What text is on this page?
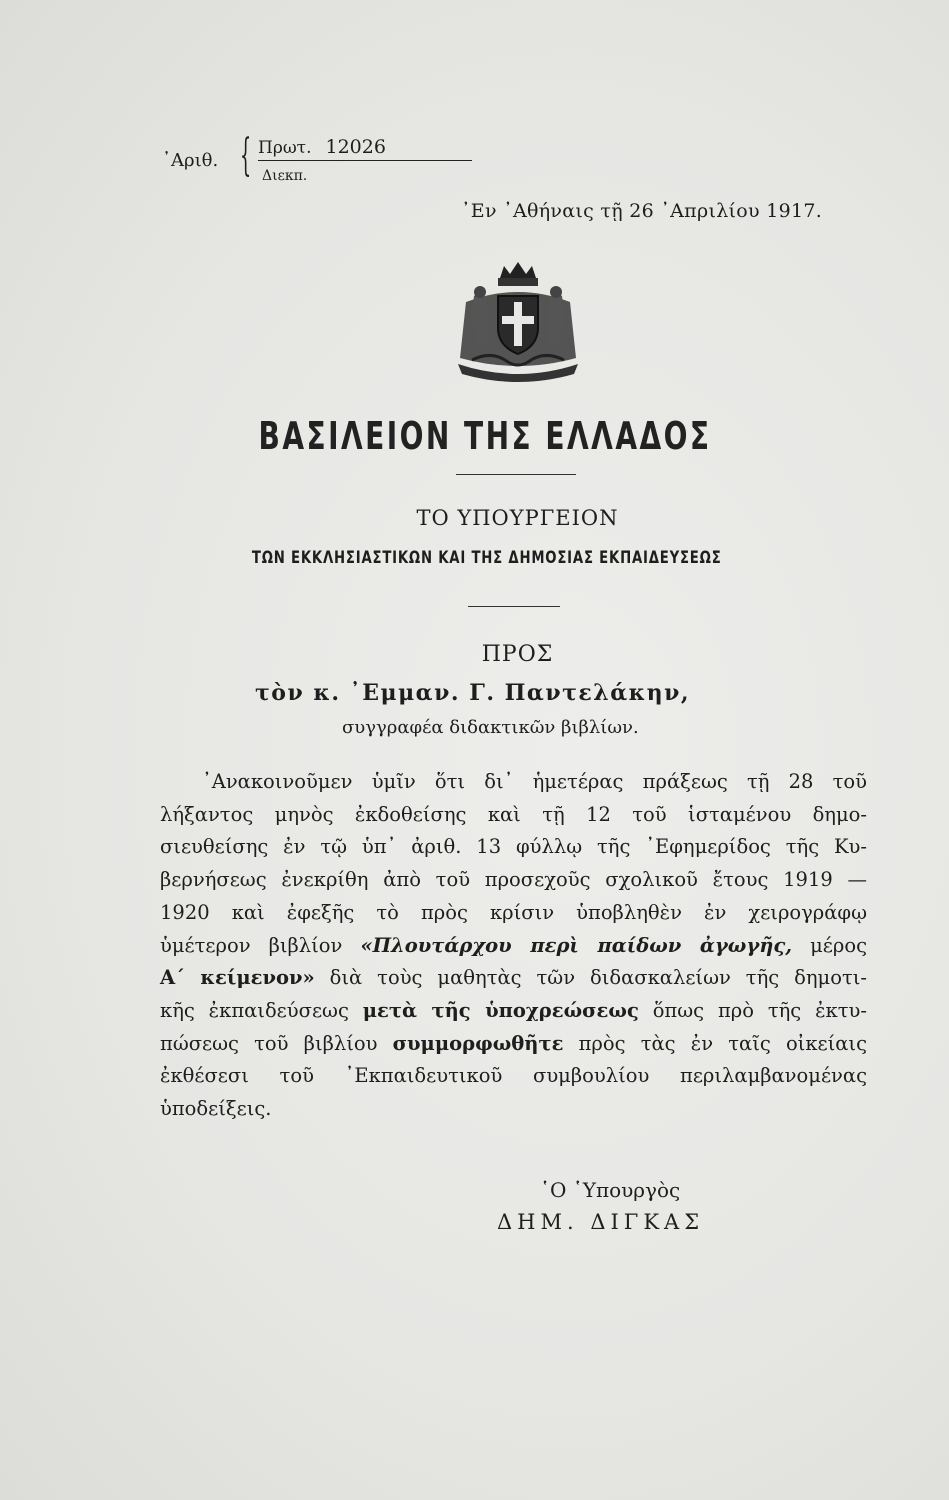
᾿Αριθ. { Πρωτ. 12026
Διεκπ.
᾿Εν ᾿Αθήναις τῇ 26 ᾿Απριλίου 1917.
ΒΑΣΙΛΕΙΟΝ ΤΗΣ ΕΛΛΑΔΟΣ
ΤΟ ΥΠΟΥΡΓΕΙΟΝ
ΤΩΝ ΕΚΚΛΗΣΙΑΣΤΙΚΩΝ ΚΑΙ ΤΗΣ ΔΗΜΟΣΙΑΣ ΕΚΠΑΙΔΕΥΣΕΩΣ
ΠΡΟΣ
τὸν κ. ᾿Εμμαν. Γ. Παντελάκην,
συγγραφέα διδακτικῶν βιβλίων.
᾿Ανακοινοῦμεν ὑμῖν ὅτι δι᾿ ἡμετέρας πράξεως τῇ 28 τοῦ
λήξαντος μηνὸς ἐκδοθείσης καὶ τῇ 12 τοῦ ἱσταμένου δημο-
σιευθείσης ἐν τῷ ὑπ᾿ ἀριθ. 13 φύλλῳ τῆς ᾿Εφημερίδος τῆς Κυ-
βερνήσεως ἐνεκρίθη ἀπὸ τοῦ προσεχοῦς σχολικοῦ ἔτους 1919 —
1920 καὶ ἐφεξῆς τὸ πρὸς κρίσιν ὑποβληθὲν ἐν χειρογράφῳ
ὑμέτερον βιβλίον «Πλουτάρχου περὶ παίδων ἀγωγῆς, μέρος
Α΄ κείμενον» διὰ τοὺς μαθητὰς τῶν διδασκαλείων τῆς δημοτι-
κῆς ἐκπαιδεύσεως μετὰ τῆς ὑποχρεώσεως ὅπως πρὸ τῆς ἐκτυ-
πώσεως τοῦ βιβλίου συμμορφωθῆτε πρὸς τὰς ἐν ταῖς οἰκείαις
ἐκθέσεσι τοῦ ᾿Εκπαιδευτικοῦ συμβουλίου περιλαμβανομένας
ὑποδείξεις.
῾Ο ῾Υπουργὸς
ΔΗΜ. ΔΙΓΚΑΣ
